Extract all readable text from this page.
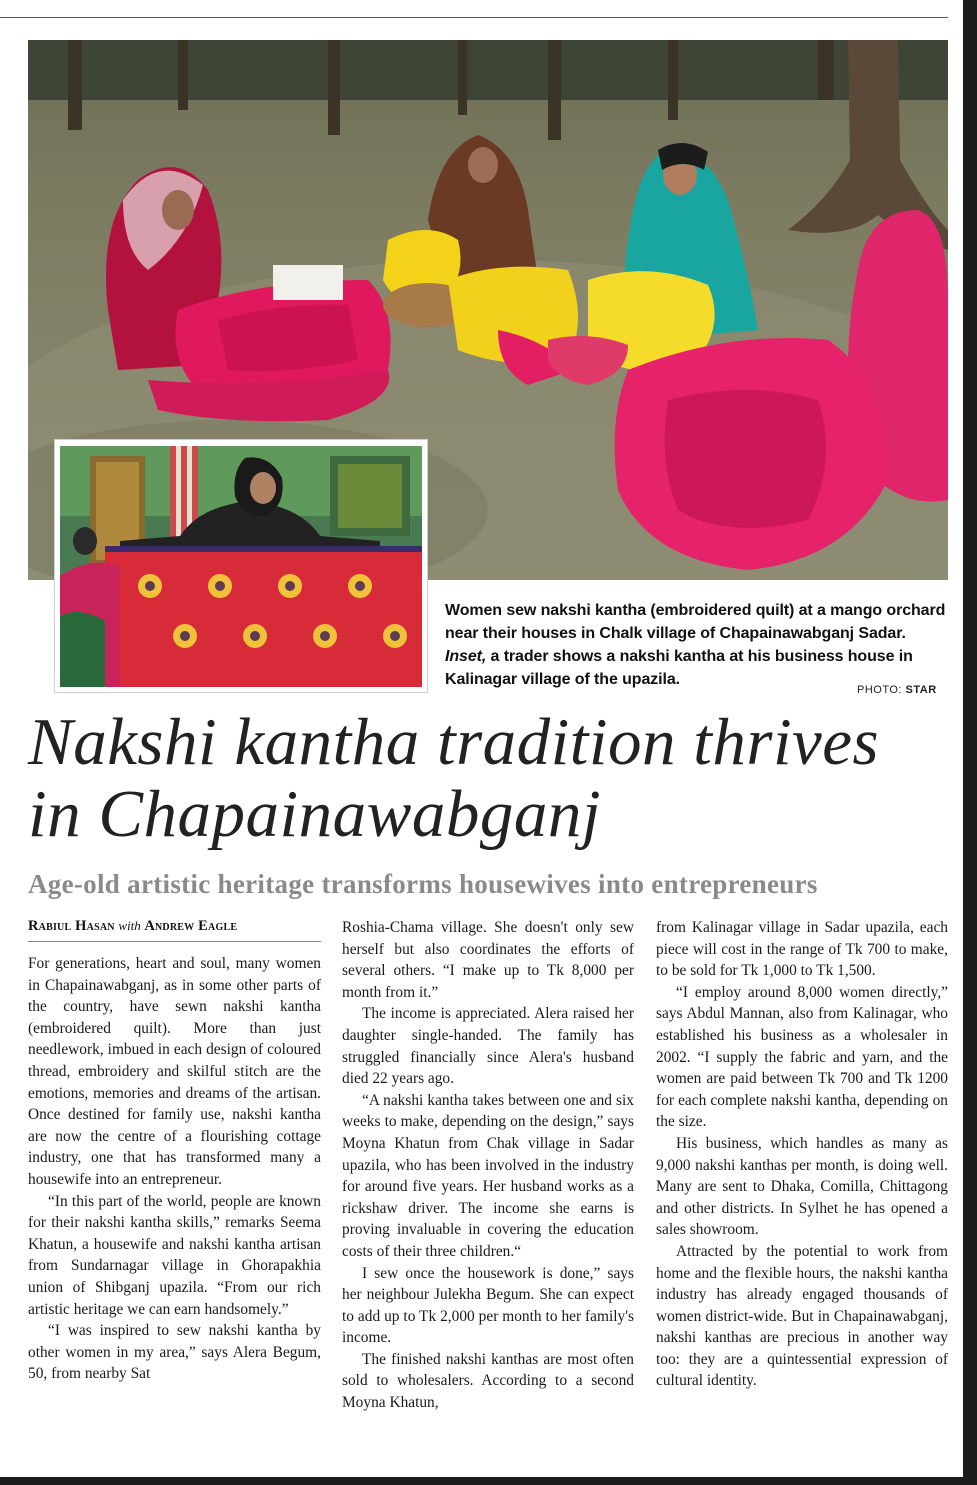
Women sew nakshi kantha (embroidered quilt) at a mango orchard near their houses in Chalk village of Chapainawabganj Sadar. Inset, a trader shows a nakshi kantha at his business house in Kalinagar village of the upazila.
PHOTO: STAR
Nakshi kantha tradition thrives
in Chapainawabganj
Age-old artistic heritage transforms housewives into entrepreneurs
Rabiul Hasan with Andrew Eagle

For generations, heart and soul, many women in Chapainawabganj, as in some other parts of the country, have sewn nakshi kantha (embroidered quilt). More than just needlework, imbued in each design of coloured thread, embroidery and skilful stitch are the emotions, memories and dreams of the artisan. Once destined for family use, nakshi kantha are now the centre of a flourishing cottage industry, one that has transformed many a housewife into an entrepreneur.

“In this part of the world, people are known for their nakshi kantha skills,” remarks Seema Khatun, a housewife and nakshi kantha artisan from Sundarnagar village in Ghorapakhia union of Shibganj upazila. “From our rich artistic heritage we can earn handsomely.”

“I was inspired to sew nakshi kantha by other women in my area,” says Alera Begum, 50, from nearby Sat

Roshia-Chama village. She doesn't only sew herself but also coordinates the efforts of several others. “I make up to Tk 8,000 per month from it.”

The income is appreciated. Alera raised her daughter single-handed. The family has struggled financially since Alera's husband died 22 years ago.

“A nakshi kantha takes between one and six weeks to make, depending on the design,” says Moyna Khatun from Chak village in Sadar upazila, who has been involved in the industry for around five years. Her husband works as a rickshaw driver. The income she earns is proving invaluable in covering the education costs of their three children.“

I sew once the housework is done,” says her neighbour Julekha Begum. She can expect to add up to Tk 2,000 per month to her family's income.

The finished nakshi kanthas are most often sold to wholesalers. According to a second Moyna Khatun,

from Kalinagar village in Sadar upazila, each piece will cost in the range of Tk 700 to make, to be sold for Tk 1,000 to Tk 1,500.

“I employ around 8,000 women directly,” says Abdul Mannan, also from Kalinagar, who established his business as a wholesaler in 2002. “I supply the fabric and yarn, and the women are paid between Tk 700 and Tk 1200 for each complete nakshi kantha, depending on the size.

His business, which handles as many as 9,000 nakshi kanthas per month, is doing well. Many are sent to Dhaka, Comilla, Chittagong and other districts. In Sylhet he has opened a sales showroom.

Attracted by the potential to work from home and the flexible hours, the nakshi kantha industry has already engaged thousands of women district-wide. But in Chapainawabganj, nakshi kanthas are precious in another way too: they are a quintessential expression of cultural identity.
